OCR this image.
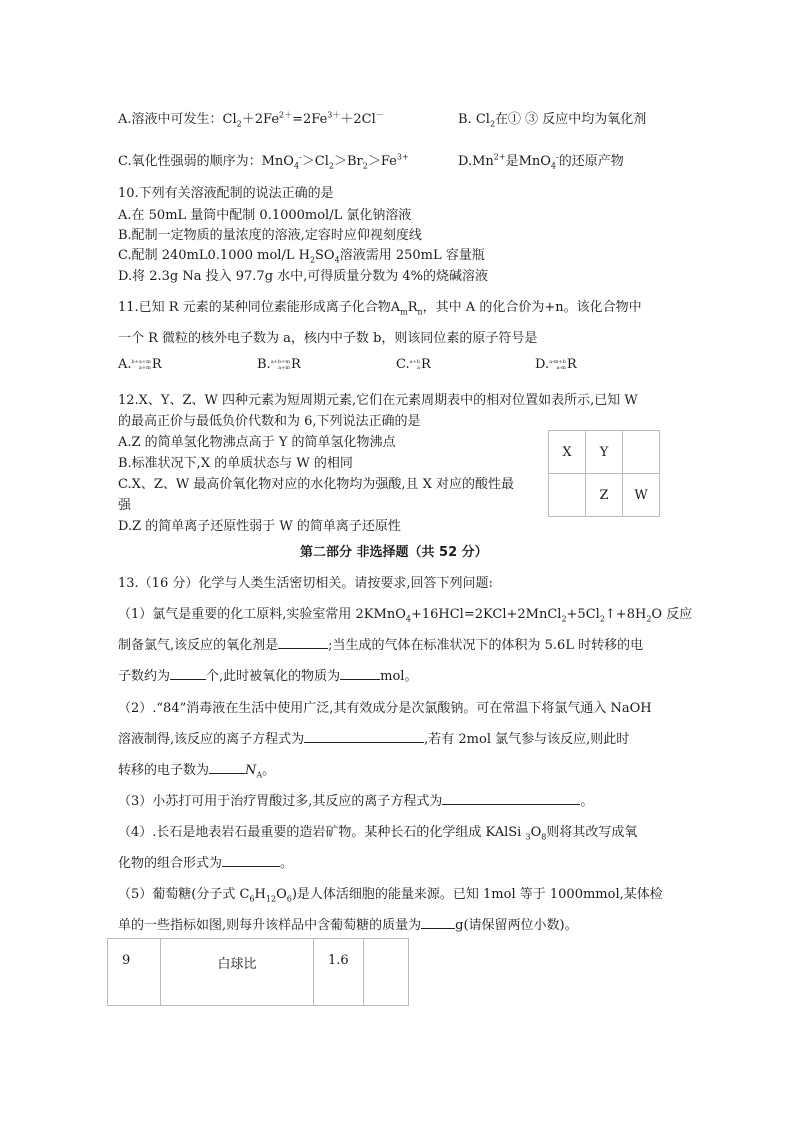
A.溶液中可发生：$Cl_2+2Fe^{2+}=2Fe^{3+}+2Cl^-$	B. $Cl_2$在① ③ 反应中均为氧化剂
C.氧化性强弱的顺序为：$MnO_4^->Cl_2>Br_2>Fe^{3+}$	$D.Mn^{2+}$是MnO$_4$-的还原产物
10.下列有关溶液配制的说法正确的是
A.在 50mL 量筒中配制 0.1000mol/L 氯化钠溶液
B.配制一定物质的量浓度的溶液,定容时应仰视刻度线
C.配制 240mL0.1000 mol/L $H_2SO_4$溶液需用 250mL 容量瓶
D.将 2.3g Na 投入 97.7g 水中,可得质量分数为 4%的烧碱溶液
11.已知 R 元素的某种同位素能形成离子化合物$A_mR_n$，其中 A 的化合价为+n。该化合物中
一个 R 微粒的核外电子数为 a，核内中子数 b，则该同位素的原子符号是
A.b+a+m
a+mR	B.a+b+m
a+mR	C.a+b
aR	D.a-m+b
a-mR
12.X、Y、Z、W 四种元素为短周期元素,它们在元素周期表中的相对位置如表所示,已知 W
的最高正价与最低负价代数和为 6,下列说法正确的是
A.Z 的简单氢化物沸点高于 Y 的简单氢化物沸点
B.标准状况下,X 的单质状态与 W 的相同
C.X、Z、W 最高价氧化物对应的水化物均为强酸,且 X 对应的酸性最
强
D.Z 的简单离子还原性弱于 W 的简单离子还原性
X	Y	
	Z	W
第二部分 非选择题（共 52 分）
13.（16 分）化学与人类生活密切相关。请按要求,回答下列问题:
（1）氯气是重要的化工原料,实验室常用 $2KMnO_4+16HCl=2KCl+2MnCl_2+5Cl_2↑+8H_2O$ 反应
制备氯气,该反应的氧化剂是	;当生成的气体在标准状况下的体积为 5.6L 时转移的电
子数约为	个,此时被氧化的物质为	mol。
（2）.“84”消毒液在生活中使用广泛,其有效成分是次氯酸钠。可在常温下将氯气通入 NaOH
溶液制得,该反应的离子方程式为	,若有 2mol 氯气参与该反应,则此时
转移的电子数为	$N_A$。
（3）小苏打可用于治疗胃酸过多,其反应的离子方程式为	。
（4）.长石是地表岩石最重要的造岩矿物。某种长石的化学组成 KAlSi $_3O_8$则将其改写成氧
化物的组合形式为	。
（5）葡萄糖(分子式 $C_6H_{12}O_6$)是人体活细胞的能量来源。已知 1mol 等于 1000mmol,某体检
单的一些指标如图,则每升该样品中含葡萄糖的质量为	g(请保留两位小数)。
9	白球比	1.6	
